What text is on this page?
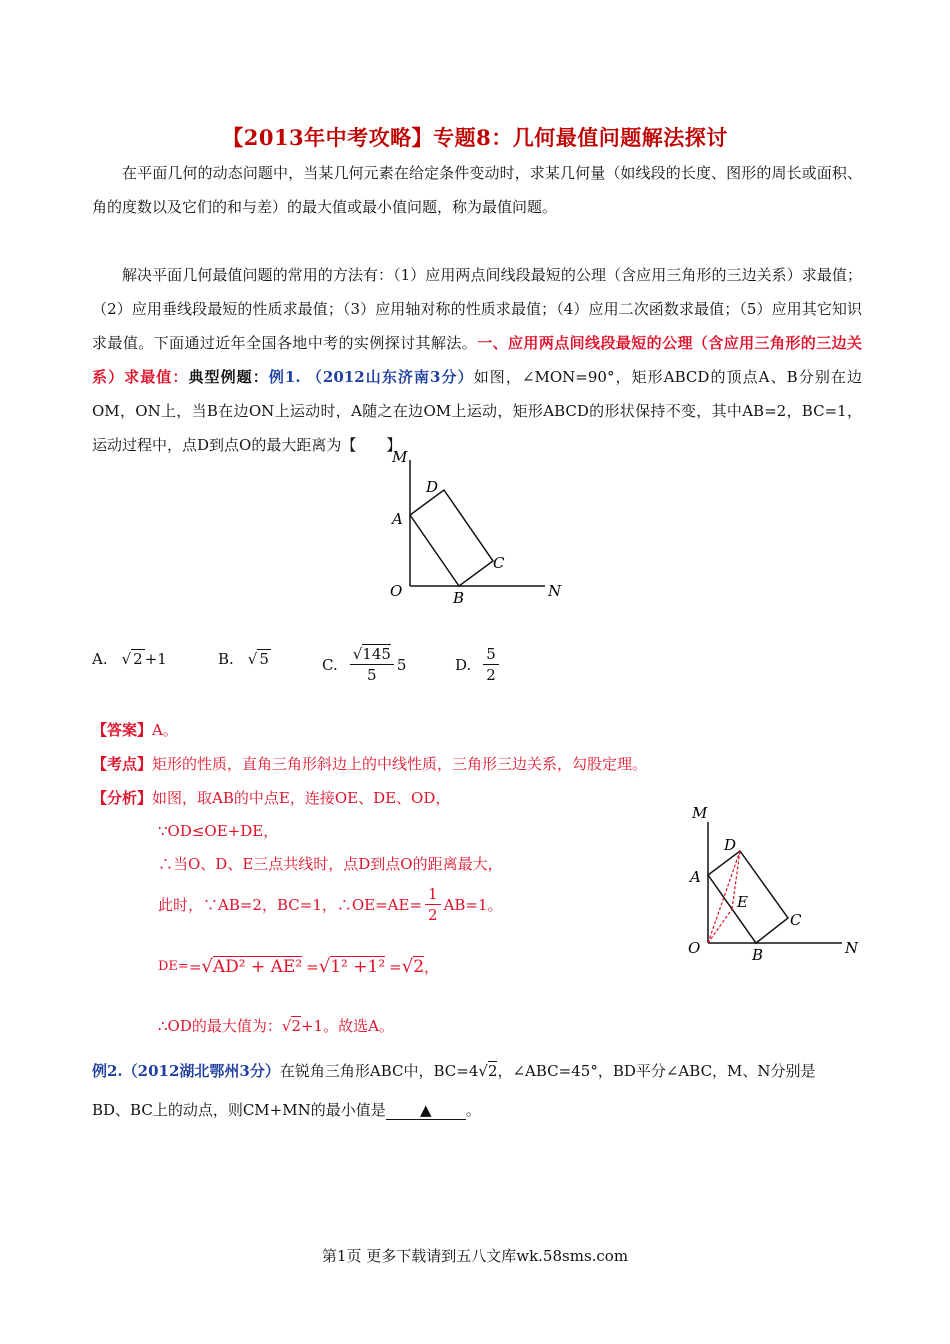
【2013年中考攻略】专题8：几何最值问题解法探讨
在平面几何的动态问题中，当某几何元素在给定条件变动时，求某几何量（如线段的长度、图形的周长或面积、角的度数以及它们的和与差）的最大值或最小值问题，称为最值问题。
解决平面几何最值问题的常用的方法有：（1）应用两点间线段最短的公理（含应用三角形的三边关系）求最值；（2）应用垂线段最短的性质求最值；（3）应用轴对称的性质求最值；（4）应用二次函数求最值；（5）应用其它知识求最值。下面通过近年全国各地中考的实例探讨其解法。一、应用两点间线段最短的公理（含应用三角形的三边关系）求最值：典型例题：例1. （2012山东济南3分）如图，∠MON=90°，矩形ABCD的顶点A、B分别在边OM，ON上，当B在边ON上运动时，A随之在边OM上运动，矩形ABCD的形状保持不变，其中AB=2，BC=1，运动过程中，点D到点O的最大距离为【　　】
M
N
O
A
B
C
D
A. √ 2 +1	B. √ 5	C. $\frac{√145}{5} 5$	D. $\frac{5}{2}$
【答案】A。
【考点】矩形的性质，直角三角形斜边上的中线性质，三角形三边关系，勾股定理。
【分析】如图，取AB的中点E，连接OE、DE、OD，
∵OD≤OE+DE，
∴当O、D、E三点共线时，点D到点O的距离最大，
此时，∵AB=2，BC=1，∴OE=AE= $\frac{1}{2} AB=1$。
DE= = √ AD² + AE² = √ 1² +1² = √ 2 ，
∴OD的最大值为： √ 2 +1。故选A。
M
N
O
A
B
C
D
E
例2.（2012湖北鄂州3分） 在锐角三角形ABC中，BC= 4 √ 2 ，∠ABC=45°，BD平分∠ABC，M、N分别是
BD、BC上的动点，则CM+MN的最小值是 ▲ 。
第1页 更多下载请到五八文库wk.58sms.com
